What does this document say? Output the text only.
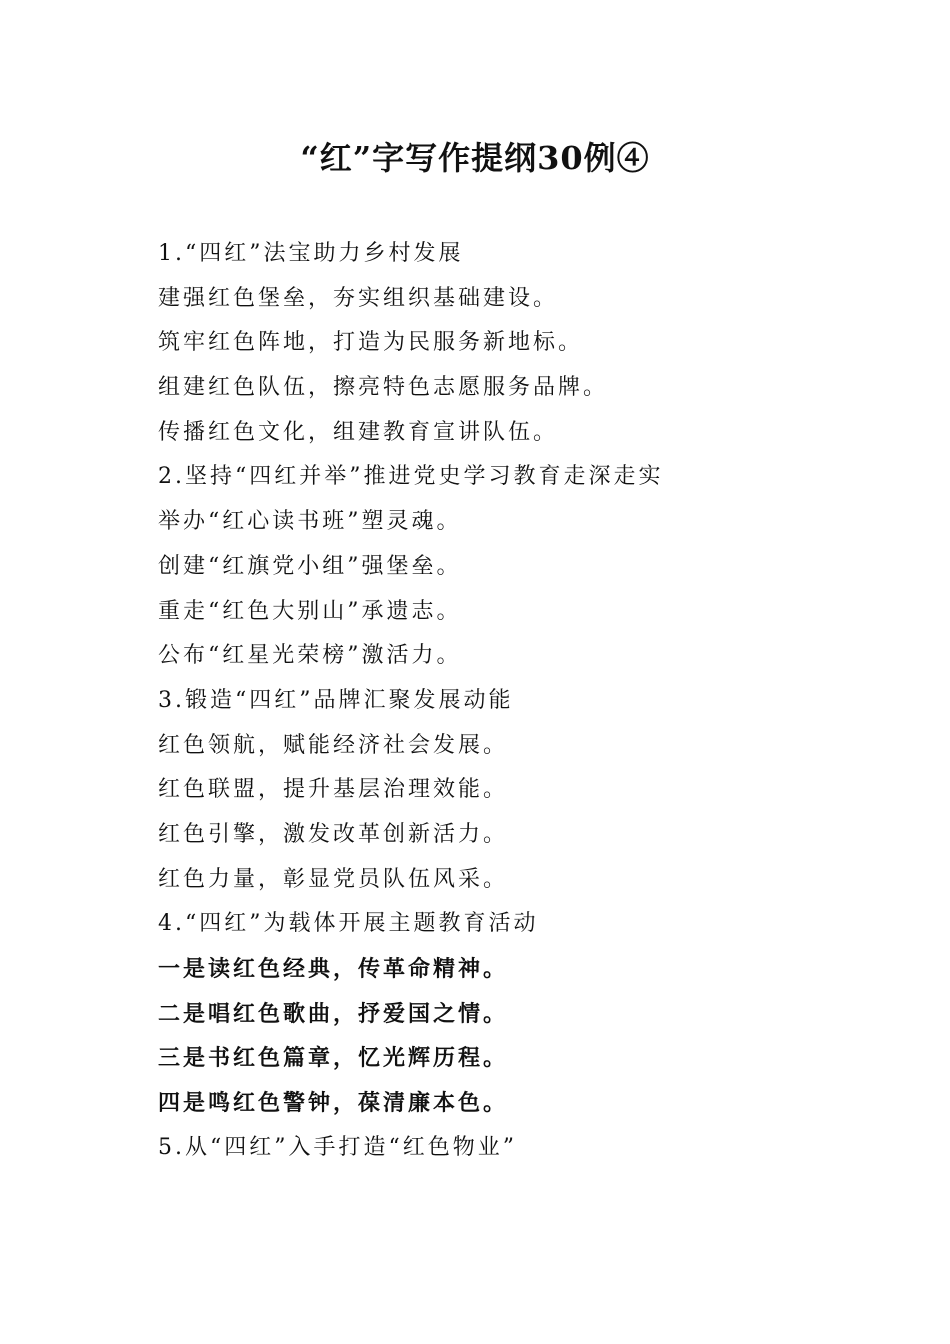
“红”字写作提纲30例④
1.“四红”法宝助力乡村发展
建强红色堡垒，夯实组织基础建设。
筑牢红色阵地，打造为民服务新地标。
组建红色队伍，擦亮特色志愿服务品牌。
传播红色文化，组建教育宣讲队伍。
2.坚持“四红并举”推进党史学习教育走深走实
举办“红心读书班”塑灵魂。
创建“红旗党小组”强堡垒。
重走“红色大别山”承遗志。
公布“红星光荣榜”激活力。
3.锻造“四红”品牌汇聚发展动能
红色领航，赋能经济社会发展。
红色联盟，提升基层治理效能。
红色引擎，激发改革创新活力。
红色力量，彰显党员队伍风采。
4.“四红”为载体开展主题教育活动
一是读红色经典，传革命精神。
二是唱红色歌曲，抒爱国之情。
三是书红色篇章，忆光辉历程。
四是鸣红色警钟，葆清廉本色。
5.从“四红”入手打造“红色物业”
